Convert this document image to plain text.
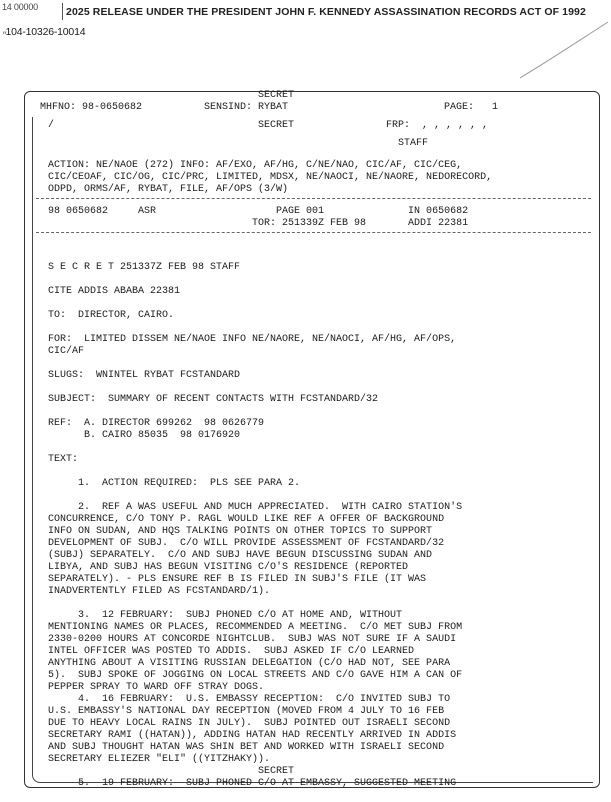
14 00000

104-10326-10014

2025 RELEASE UNDER THE PRESIDENT JOHN F. KENNEDY ASSASSINATION RECORDS ACT OF 1992
”
SECRET
MHFNO: 98-0650682	SENSIND: RYBAT	PAGE:   1
/	SECRET	FRP:  , , , , , ,
STAFF
ACTION: NE/NAOE (272) INFO: AF/EXO, AF/HG, C/NE/NAO, CIC/AF, CIC/CEG,
CIC/CEOAF, CIC/OG, CIC/PRC, LIMITED, MDSX, NE/NAOCI, NE/NAORE, NEDORECORD,
ODPD, ORMS/AF, RYBAT, FILE, AF/OPS (3/W)
98 0650682     ASR                    PAGE 001              IN 0650682
TOR: 251339Z FEB 98       ADDI 22381

S E C R E T 251337Z FEB 98 STAFF
CITE ADDIS ABABA 22381
TO:  DIRECTOR, CAIRO.
FOR:  LIMITED DISSEM NE/NAOE INFO NE/NAORE, NE/NAOCI, AF/HG, AF/OPS,
CIC/AF
SLUGS:  WNINTEL RYBAT FCSTANDARD
SUBJECT:  SUMMARY OF RECENT CONTACTS WITH FCSTANDARD/32
REF:  A. DIRECTOR 699262  98 0626779
B. CAIRO 85035  98 0176920
TEXT:
1.  ACTION REQUIRED:  PLS SEE PARA 2.
2.  REF A WAS USEFUL AND MUCH APPRECIATED.  WITH CAIRO STATION'S
CONCURRENCE, C/O TONY P. RAGL WOULD LIKE REF A OFFER OF BACKGROUND
INFO ON SUDAN, AND HQS TALKING POINTS ON OTHER TOPICS TO SUPPORT
DEVELOPMENT OF SUBJ.  C/O WILL PROVIDE ASSESSMENT OF FCSTANDARD/32
(SUBJ) SEPARATELY.  C/O AND SUBJ HAVE BEGUN DISCUSSING SUDAN AND
LIBYA, AND SUBJ HAS BEGUN VISITING C/O'S RESIDENCE (REPORTED
SEPARATELY). - PLS ENSURE REF B IS FILED IN SUBJ'S FILE (IT WAS
INADVERTENTLY FILED AS FCSTANDARD/1).
3.  12 FEBRUARY:  SUBJ PHONED C/O AT HOME AND, WITHOUT
MENTIONING NAMES OR PLACES, RECOMMENDED A MEETING.  C/O MET SUBJ FROM
2330-0200 HOURS AT CONCORDE NIGHTCLUB.  SUBJ WAS NOT SURE IF A SAUDI
INTEL OFFICER WAS POSTED TO ADDIS.  SUBJ ASKED IF C/O LEARNED
ANYTHING ABOUT A VISITING RUSSIAN DELEGATION (C/O HAD NOT, SEE PARA
5).  SUBJ SPOKE OF JOGGING ON LOCAL STREETS AND C/O GAVE HIM A CAN OF
PEPPER SPRAY TO WARD OFF STRAY DOGS.
4.  16 FEBRUARY:  U.S. EMBASSY RECEPTION:  C/O INVITED SUBJ TO
U.S. EMBASSY'S NATIONAL DAY RECEPTION (MOVED FROM 4 JULY TO 16 FEB
DUE TO HEAVY LOCAL RAINS IN JULY).  SUBJ POINTED OUT ISRAELI SECOND
SECRETARY RAMI ((HATAN)), ADDING HATAN HAD RECENTLY ARRIVED IN ADDIS
AND SUBJ THOUGHT HATAN WAS SHIN BET AND WORKED WITH ISRAELI SECOND
SECRETARY ELIEZER "ELI" ((YITZHAKY)).
5.  19 FEBRUARY:  SUBJ PHONED C/O AT EMBASSY, SUGGESTED MEETING

SECRET
